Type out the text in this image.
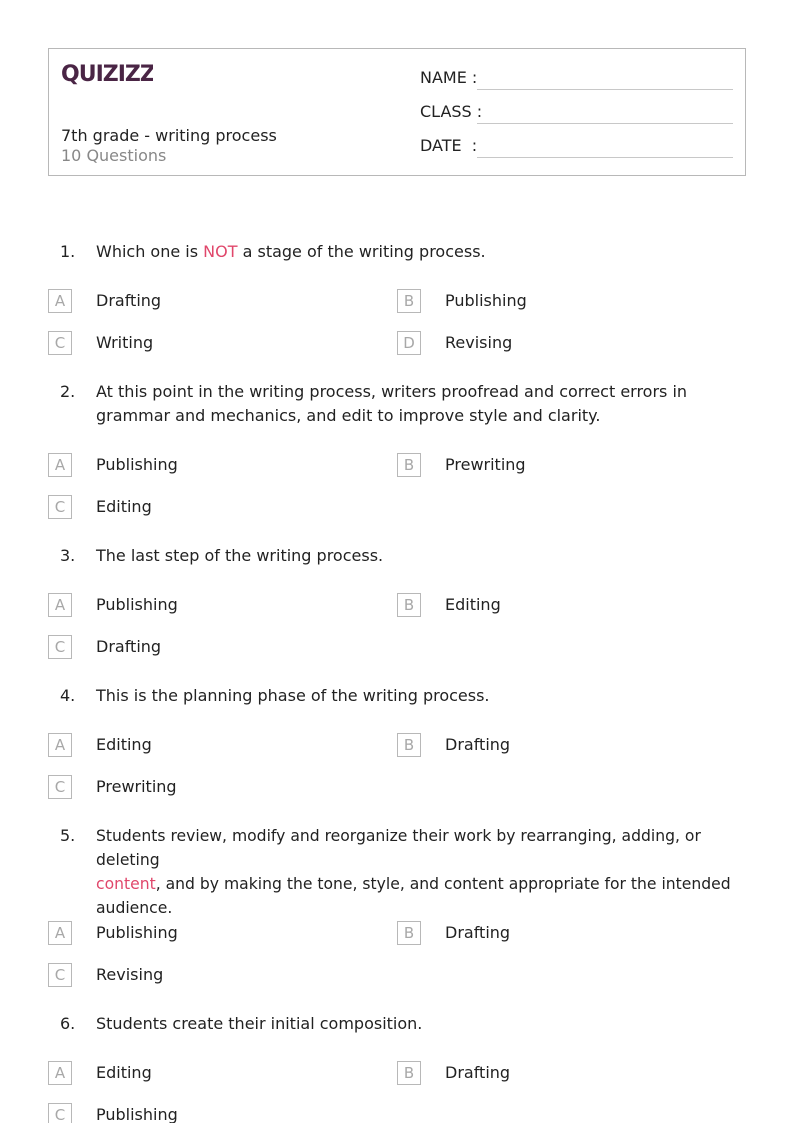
QUIZIZZ
7th grade - writing process
10 Questions
NAME :
CLASS :
DATE  :
1. Which one is NOT a stage of the writing process.
A	Drafting	B	Publishing
C	Writing	D	Revising
2. At this point in the writing process, writers proofread and correct errors in grammar and mechanics, and edit to improve style and clarity.
A	Publishing	B	Prewriting
C	Editing
3. The last step of the writing process.
A	Publishing	B	Editing
C	Drafting
4. This is the planning phase of the writing process.
A	Editing	B	Drafting
C	Prewriting
5. Students review, modify and reorganize their work by rearranging, adding, or deleting
content, and by making the tone, style, and content appropriate for the intended audience.
A	Publishing	B	Drafting
C	Revising
6. Students create their initial composition.
A	Editing	B	Drafting
C	Publishing
